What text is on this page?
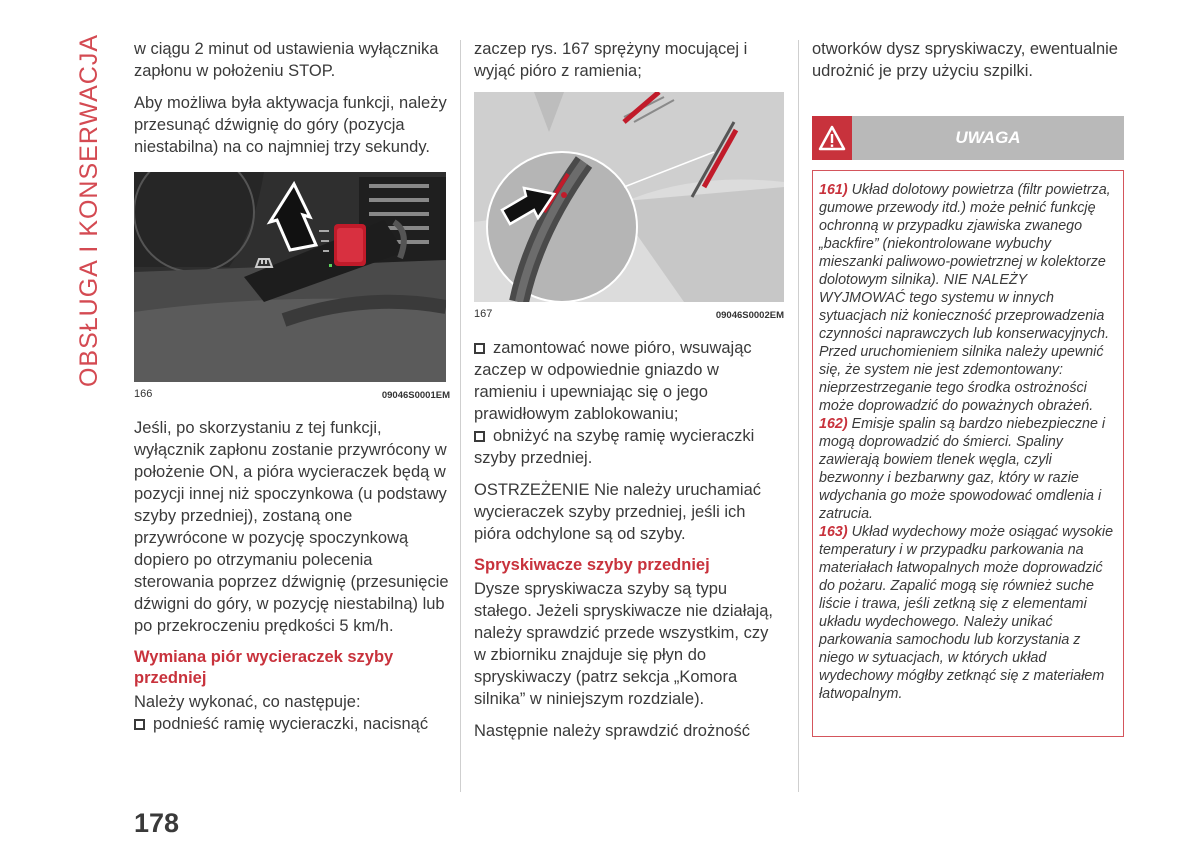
OBSŁUGA I KONSERWACJA w ciągu 2 minut od ustawienia wyłącznika zapłonu w położeniu STOP.

Aby możliwa była aktywacja funkcji, należy przesunąć dźwignię do góry (pozycja niestabilna) na co najmniej trzy sekundy.

166	09046S0001EM

Jeśli, po skorzystaniu z tej funkcji, wyłącznik zapłonu zostanie przywrócony w położenie ON, a pióra wycieraczek będą w pozycji innej niż spoczynkowa (u podstawy szyby przedniej), zostaną one przywrócone w pozycję spoczynkową dopiero po otrzymaniu polecenia sterowania poprzez dźwignię (przesunięcie dźwigni do góry, w pozycję niestabilną) lub po przekroczeniu prędkości 5 km/h.

Wymiana piór wycieraczek szyby przedniej

Należy wykonać, co następuje:

podnieść ramię wycieraczki, nacisnąć

zaczep rys. 167 sprężyny mocującej i wyjąć pióro z ramienia;

167	09046S0002EM
zamontować nowe pióro, wsuwając zaczep w odpowiednie gniazdo w ramieniu i upewniając się o jego prawidłowym zablokowaniu;
obniżyć na szybę ramię wycieraczki szyby przedniej.

OSTRZEŻENIE Nie należy uruchamiać wycieraczek szyby przedniej, jeśli ich pióra odchylone są od szyby.

Spryskiwacze szyby przedniej

Dysze spryskiwacza szyby są typu stałego. Jeżeli spryskiwacze nie działają, należy sprawdzić przede wszystkim, czy w zbiorniku znajduje się płyn do spryskiwaczy (patrz sekcja „Komora silnika” w niniejszym rozdziale).

Następnie należy sprawdzić drożność

otworków dysz spryskiwaczy, ewentualnie udrożnić je przy użyciu szpilki.

UWAGA

161) Układ dolotowy powietrza (filtr powietrza, gumowe przewody itd.) może pełnić funkcję ochronną w przypadku zjawiska zwanego „backfire” (niekontrolowane wybuchy mieszanki paliwowo-powietrznej w kolektorze dolotowym silnika). NIE NALEŻY WYJMOWAĆ tego systemu w innych sytuacjach niż konieczność przeprowadzenia czynności naprawczych lub konserwacyjnych. Przed uruchomieniem silnika należy upewnić się, że system nie jest zdemontowany: nieprzestrzeganie tego środka ostrożności może doprowadzić do poważnych obrażeń.

162) Emisje spalin są bardzo niebezpieczne i mogą doprowadzić do śmierci. Spaliny zawierają bowiem tlenek węgla, czyli bezwonny i bezbarwny gaz, który w razie wdychania go może spowodować omdlenia i zatrucia.

163) Układ wydechowy może osiągać wysokie temperatury i w przypadku parkowania na materiałach łatwopalnych może doprowadzić do pożaru. Zapalić mogą się również suche liście i trawa, jeśli zetkną się z elementami układu wydechowego. Należy unikać parkowania samochodu lub korzystania z niego w sytuacjach, w których układ wydechowy mógłby zetknąć się z materiałem łatwopalnym.

178
